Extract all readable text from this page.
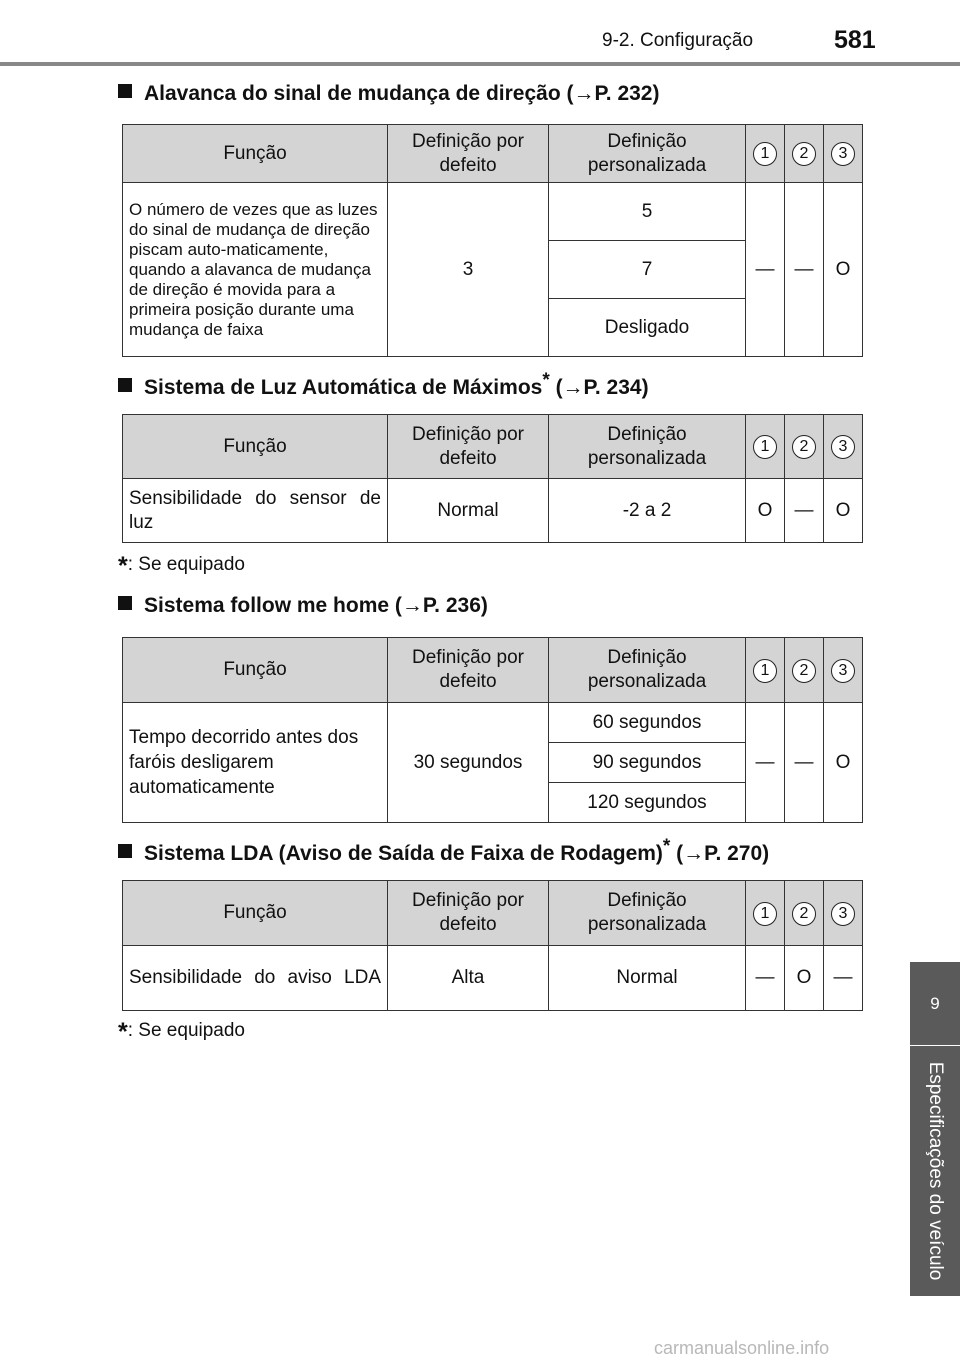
9-2. Configuração	581
9
Especificações do veículo
Alavanca do sinal de mudança de direção (→P. 232)
Função	Definição por defeito	Definição personalizada	1	2	3
O número de vezes que as luzes do sinal de mudança de direção piscam auto-maticamente, quando a alavanca de mudança de direção é movida para a primeira posição durante uma mudança de faixa	3	5	—	—	O
		7			
		Desligado			
Sistema de Luz Automática de Máximos* (→P. 234)
Função	Definição por defeito	Definição personalizada	1	2	3
Sensibilidade do sensor de luz	Normal	-2 a 2	O	—	O
*: Se equipado
Sistema follow me home (→P. 236)
Função	Definição por defeito	Definição personalizada	1	2	3
Tempo decorrido antes dos faróis desligarem automaticamente	30 segundos	60 segundos	—	—	O
		90 segundos			
		120 segundos			
Sistema LDA (Aviso de Saída de Faixa de Rodagem)* (→P. 270)
Função	Definição por defeito	Definição personalizada	1	2	3
Sensibilidade do aviso LDA	Alta	Normal	—	O	—
*: Se equipado
carmanualsonline.info
